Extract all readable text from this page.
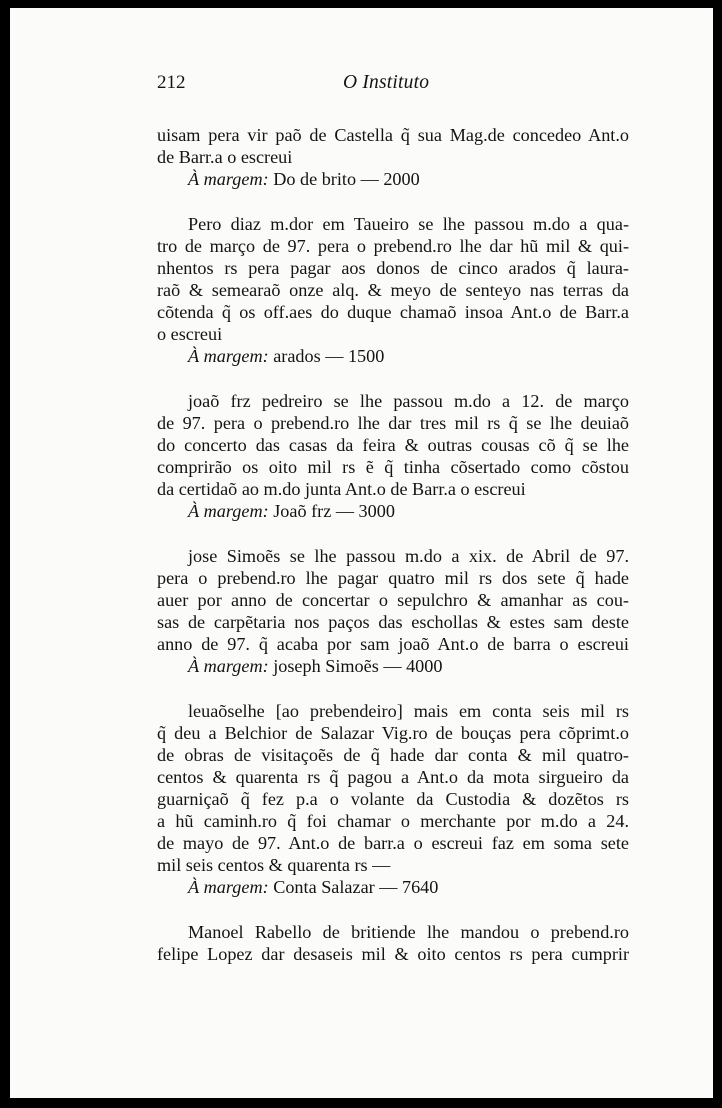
212	O Instituto
uisam pera vir paõ de Castella q̃ sua Mag.de concedeo Ant.o
de Barr.a o escreui
À margem: Do de brito — 2000
Pero diaz m.dor em Taueiro se lhe passou m.do a qua-
tro de março de 97. pera o prebend.ro lhe dar hũ mil & qui-
nhentos rs pera pagar aos donos de cinco arados q̃ laura-
raõ & semearaõ onze alq. & meyo de senteyo nas terras da
cõtenda q̃ os off.aes do duque chamaõ insoa Ant.o de Barr.a
o escreui
À margem: arados — 1500
joaõ frz pedreiro se lhe passou m.do a 12. de março
de 97. pera o prebend.ro lhe dar tres mil rs q̃ se lhe deuiaõ
do concerto das casas da feira & outras cousas cõ q̃ se lhe
comprirão os oito mil rs ẽ q̃ tinha cõsertado como cõstou
da certidaõ ao m.do junta Ant.o de Barr.a o escreui
À margem: Joaõ frz — 3000
jose Simoẽs se lhe passou m.do a xix. de Abril de 97.
pera o prebend.ro lhe pagar quatro mil rs dos sete q̃ hade
auer por anno de concertar o sepulchro & amanhar as cou-
sas de carpẽtaria nos paços das eschollas & estes sam deste
anno de 97. q̃ acaba por sam joaõ Ant.o de barra o escreui
À margem: joseph Simoẽs — 4000
leuaõselhe [ao prebendeiro] mais em conta seis mil rs
q̃ deu a Belchior de Salazar Vig.ro de bouças pera cõprimt.o
de obras de visitaçoẽs de q̃ hade dar conta & mil quatro-
centos & quarenta rs q̃ pagou a Ant.o da mota sirgueiro da
guarniçaõ q̃ fez p.a o volante da Custodia & dozẽtos rs
a hũ caminh.ro q̃ foi chamar o merchante por m.do a 24.
de mayo de 97. Ant.o de barr.a o escreui faz em soma sete
mil seis centos & quarenta rs —
À margem: Conta Salazar — 7640
Manoel Rabello de britiende lhe mandou o prebend.ro
felipe Lopez dar desaseis mil & oito centos rs pera cumprir
